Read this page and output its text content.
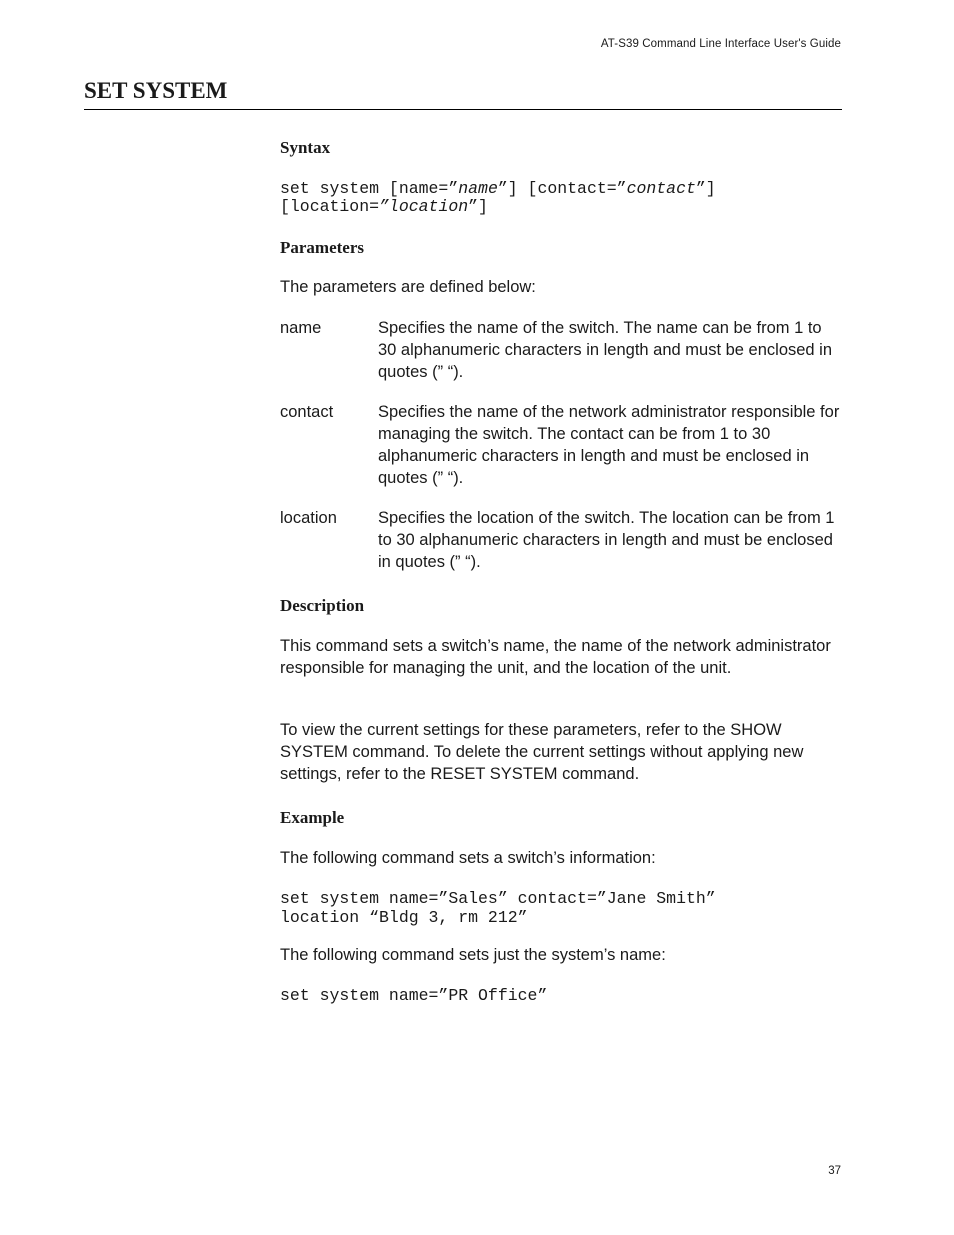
AT-S39 Command Line Interface User's Guide
SET SYSTEM
Syntax
set system [name=”name”] [contact=”contact”]
[location=”location”]
Parameters

The parameters are defined below:

name	Specifies the name of the switch. The name can be from 1 to 30 alphanumeric characters in length and must be enclosed in quotes (” “).
contact	Specifies the name of the network administrator responsible for managing the switch. The contact can be from 1 to 30 alphanumeric characters in length and must be enclosed in quotes (” “).
location Specifies the location of the switch. The location can be from 1 to 30 alphanumeric characters in length and must be enclosed in quotes (” “).
Description

This command sets a switch’s name, the name of the network administrator responsible for managing the unit, and the location of the unit.

To view the current settings for these parameters, refer to the SHOW SYSTEM command. To delete the current settings without applying new settings, refer to the RESET SYSTEM command.

Example

The following command sets a switch’s information:

set system name=”Sales” contact=”Jane Smith”
location “Bldg 3, rm 212”

The following command sets just the system’s name:

set system name=”PR Office”
37
